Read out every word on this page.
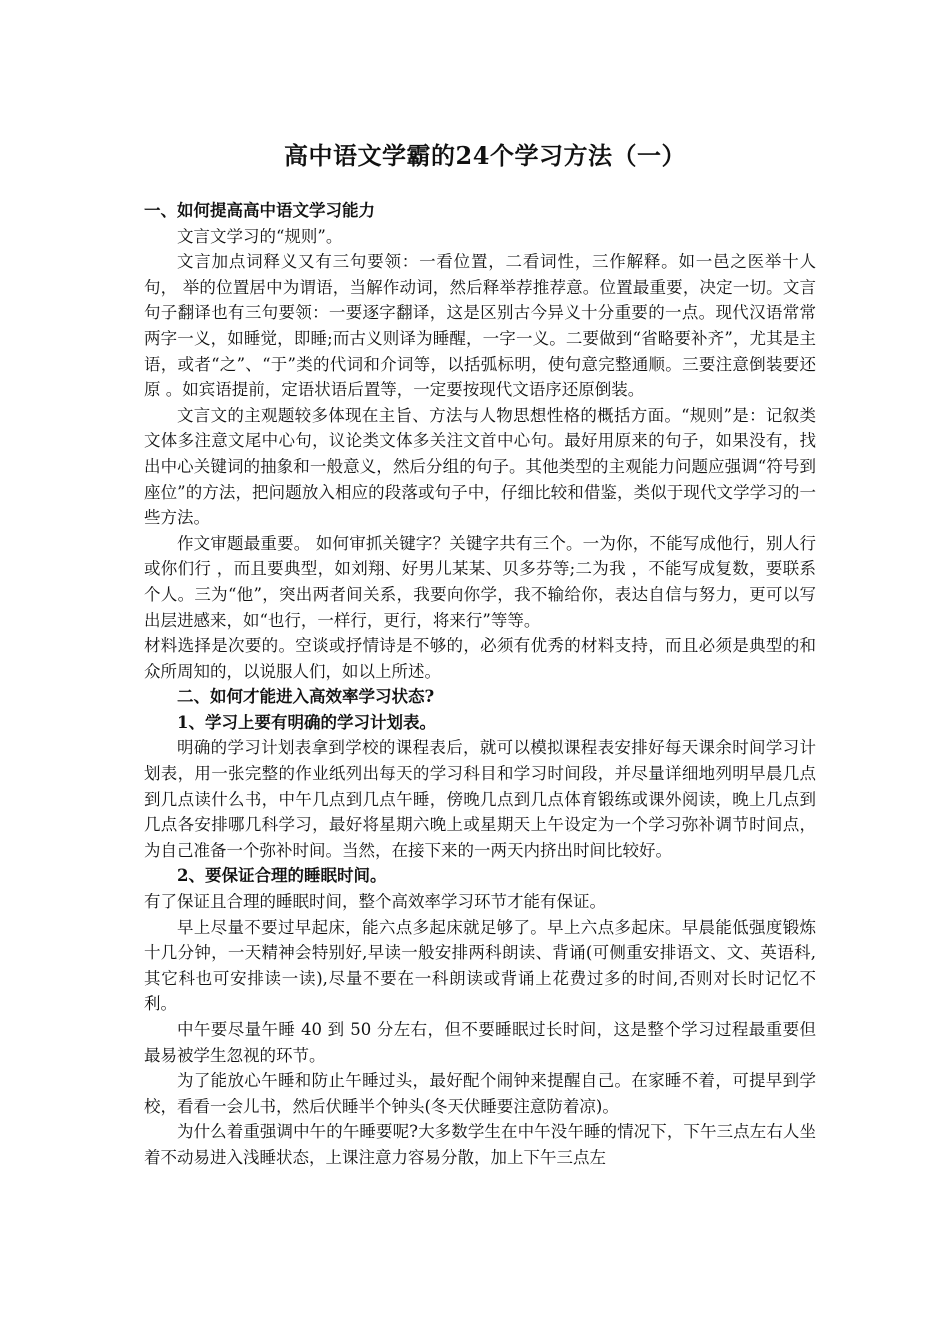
高中语文学霸的24个学习方法（一）

一、如何提高高中语文学习能力

文言文学习的“规则”。

文言加点词释义又有三句要领：一看位置，二看词性，三作解释。如一邑之医举十人句， 举的位置居中为谓语，当解作动词，然后释举荐推荐意。位置最重要，决定一切。文言句子翻译也有三句要领：一要逐字翻译，这是区别古今异义十分重要的一点。现代汉语常常两字一义，如睡觉，即睡;而古义则译为睡醒，一字一义。二要做到“省略要补齐”，尤其是主语，或者“之”、“于”类的代词和介词等，以括弧标明，使句意完整通顺。三要注意倒装要还原 。如宾语提前，定语状语后置等，一定要按现代文语序还原倒装。

文言文的主观题较多体现在主旨、方法与人物思想性格的概括方面。“规则”是：记叙类文体多注意文尾中心句，议论类文体多关注文首中心句。最好用原来的句子，如果没有，找出中心关键词的抽象和一般意义，然后分组的句子。其他类型的主观能力问题应强调“符号到座位”的方法，把问题放入相应的段落或句子中，仔细比较和借鉴，类似于现代文学学习的一些方法。

作文审题最重要。 如何审抓关键字？关键字共有三个。一为你，不能写成他行，别人行或你们行 ，而且要典型，如刘翔、好男儿某某、贝多芬等;二为我 ，不能写成复数，要联系个人。三为“他”，突出两者间关系，我要向你学，我不输给你，表达自信与努力，更可以写出层进感来，如“也行，一样行，更行，将来行”等等。

材料选择是次要的。空谈或抒情诗是不够的，必须有优秀的材料支持，而且必须是典型的和众所周知的，以说服人们，如以上所述。

二、如何才能进入高效率学习状态?

1、学习上要有明确的学习计划表。

明确的学习计划表拿到学校的课程表后，就可以模拟课程表安排好每天课余时间学习计划表，用一张完整的作业纸列出每天的学习科目和学习时间段，并尽量详细地列明早晨几点到几点读什么书，中午几点到几点午睡，傍晚几点到几点体育锻练或课外阅读，晚上几点到几点各安排哪几科学习，最好将星期六晚上或星期天上午设定为一个学习弥补调节时间点，为自己准备一个弥补时间。当然，在接下来的一两天内挤出时间比较好。

2、要保证合理的睡眠时间。

有了保证且合理的睡眠时间，整个高效率学习环节才能有保证。

早上尽量不要过早起床，能六点多起床就足够了。早上六点多起床。早晨能低强度锻炼十几分钟，一天精神会特别好,早读一般安排两科朗读、背诵(可侧重安排语文、文、英语科,其它科也可安排读一读),尽量不要在一科朗读或背诵上花费过多的时间,否则对长时记忆不利。

中午要尽量午睡 40 到 50 分左右，但不要睡眠过长时间，这是整个学习过程最重要但最易被学生忽视的环节。

为了能放心午睡和防止午睡过头，最好配个闹钟来提醒自己。在家睡不着，可提早到学校，看看一会儿书，然后伏睡半个钟头(冬天伏睡要注意防着凉)。

为什么着重强调中午的午睡要呢?大多数学生在中午没午睡的情况下，下午三点左右人坐着不动易进入浅睡状态，上课注意力容易分散，加上下午三点左
